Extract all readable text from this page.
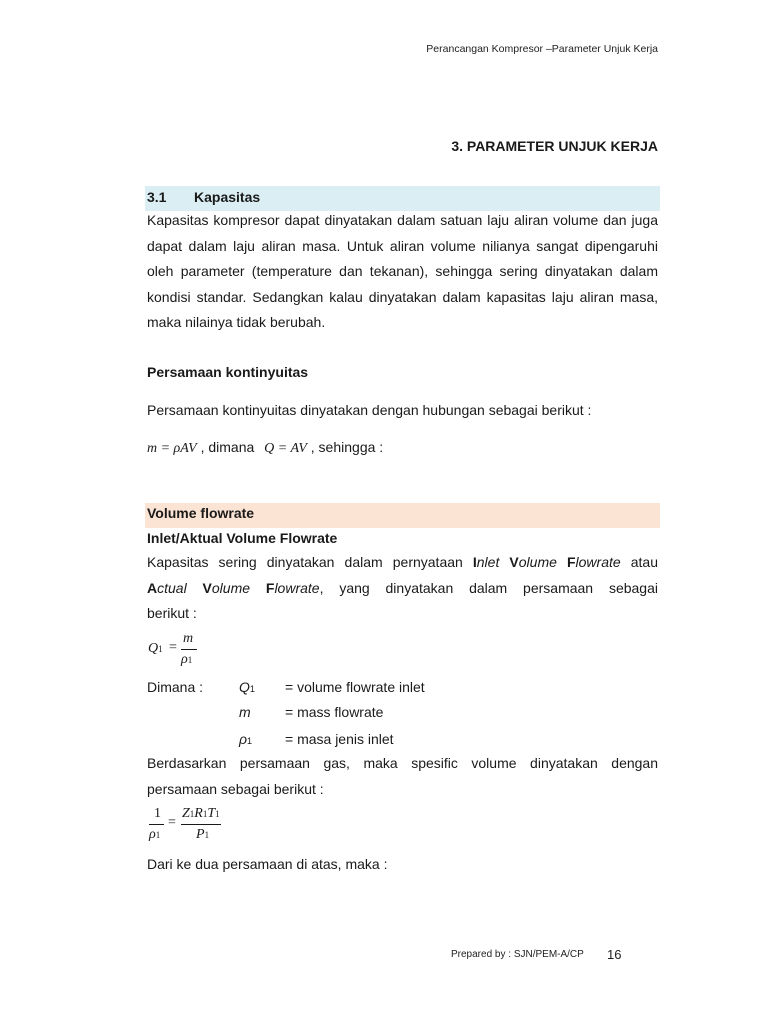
Perancangan Kompresor –Parameter Unjuk Kerja
3. PARAMETER UNJUK KERJA
3.1 Kapasitas
Kapasitas kompresor dapat dinyatakan dalam satuan laju aliran volume dan juga dapat dalam laju aliran masa. Untuk aliran volume nilianya sangat dipengaruhi oleh parameter (temperature dan tekanan), sehingga sering dinyatakan dalam kondisi standar. Sedangkan kalau dinyatakan dalam kapasitas laju aliran masa, maka nilainya tidak berubah.
Persamaan kontinyuitas
Persamaan kontinyuitas dinyatakan dengan hubungan sebagai berikut :
m = ρAV , dimana Q = AV , sehingga :
Volume flowrate
Inlet/Aktual Volume Flowrate
Kapasitas sering dinyatakan dalam pernyataan Inlet Volume Flowrate atau
Actual Volume Flowrate, yang dinyatakan dalam persamaan sebagai
berikut :
Q1 =
m
ρ1
Dimana :	Q1 = volume flowrate inlet
m = mass flowrate
ρ1 = masa jenis inlet
Berdasarkan persamaan gas, maka spesific volume dinyatakan dengan persamaan sebagai berikut :
1
ρ1
=
Z1R1T1
P1
Dari ke dua persamaan di atas, maka :
Prepared by : SJN/PEM-A/CP 16
